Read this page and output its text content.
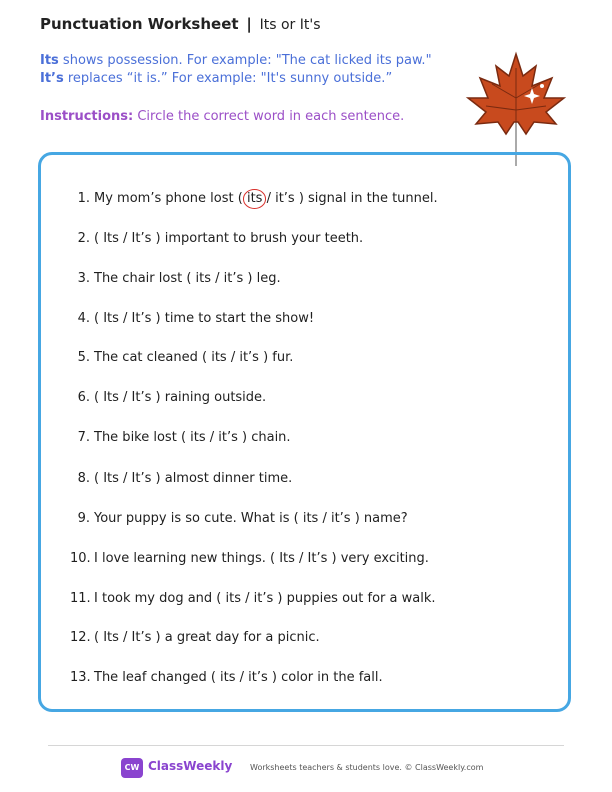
Punctuation Worksheet | Its or It's
Its shows possession. For example: "The cat licked its paw."
It’s replaces “it is.” For example: "It's sunny outside.”
Instructions: Circle the correct word in each sentence.
1. My mom’s phone lost ( its / it’s ) signal in the tunnel.
2. ( Its / It’s ) important to brush your teeth.
3. The chair lost ( its / it’s ) leg.
4. ( Its / It’s ) time to start the show!
5. The cat cleaned ( its / it’s ) fur.
6. ( Its / It’s ) raining outside.
7. The bike lost ( its / it’s ) chain.
8. ( Its / It’s ) almost dinner time.
9. Your puppy is so cute. What is ( its / it’s ) name?
10. I love learning new things. ( Its / It’s ) very exciting.
11. I took my dog and ( its / it’s ) puppies out for a walk.
12. ( Its / It’s ) a great day for a picnic.
13. The leaf changed ( its / it’s ) color in the fall.
CW ClassWeekly Worksheets teachers & students love. © ClassWeekly.com
